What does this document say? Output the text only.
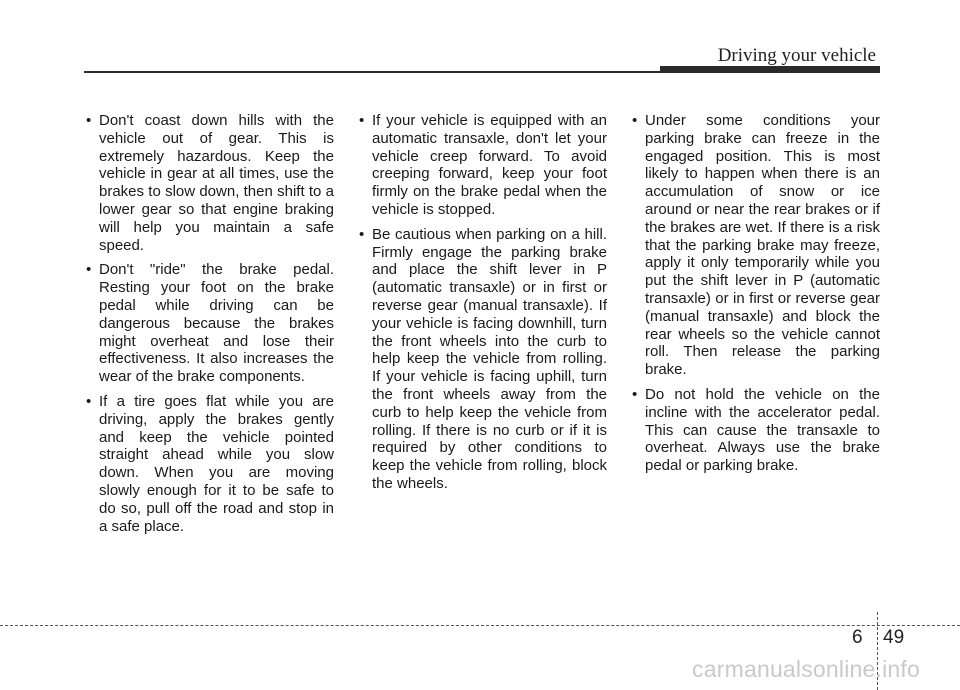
Driving your vehicle
• Don't coast down hills with the vehicle out of gear. This is extremely hazardous. Keep the vehicle in gear at all times, use the brakes to slow down, then shift to a lower gear so that engine braking will help you maintain a safe speed.
• Don't "ride" the brake pedal. Resting your foot on the brake pedal while driving can be dangerous because the brakes might overheat and lose their effectiveness. It also increases the wear of the brake components.
• If a tire goes flat while you are driving, apply the brakes gently and keep the vehicle pointed straight ahead while you slow down. When you are moving slowly enough for it to be safe to do so, pull off the road and stop in a safe place.
• If your vehicle is equipped with an automatic transaxle, don't let your vehicle creep forward. To avoid creeping forward, keep your foot firmly on the brake pedal when the vehicle is stopped.
• Be cautious when parking on a hill. Firmly engage the parking brake and place the shift lever in P (automatic transaxle) or in first or reverse gear (manual transaxle). If your vehicle is facing downhill, turn the front wheels into the curb to help keep the vehicle from rolling. If your vehicle is facing uphill, turn the front wheels away from the curb to help keep the vehicle from rolling. If there is no curb or if it is required by other conditions to keep the vehicle from rolling, block the wheels.
• Under some conditions your parking brake can freeze in the engaged position. This is most likely to happen when there is an accumulation of snow or ice around or near the rear brakes or if the brakes are wet. If there is a risk that the parking brake may freeze, apply it only temporarily while you put the shift lever in P (automatic transaxle) or in first or reverse gear (manual transaxle) and block the rear wheels so the vehicle cannot roll. Then release the parking brake.
• Do not hold the vehicle on the incline with the accelerator pedal. This can cause the transaxle to overheat. Always use the brake pedal or parking brake.
6 49
carmanualsonline.info
